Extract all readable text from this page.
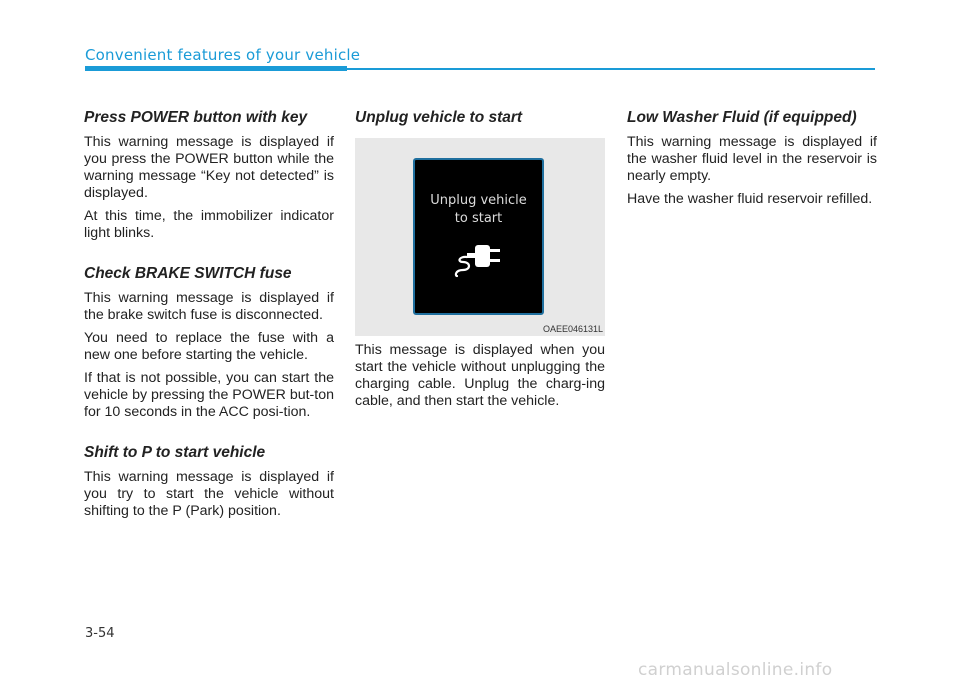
Convenient features of your vehicle
Press POWER button with key

This warning message is displayed if you press the POWER button while the warning message “Key not detected” is displayed.

At this time, the immobilizer indicator light blinks.

Check BRAKE SWITCH fuse

This warning message is displayed if the brake switch fuse is disconnected.

You need to replace the fuse with a new one before starting the vehicle.

If that is not possible, you can start the vehicle by pressing the POWER but-ton for 10 seconds in the ACC posi-tion.

Shift to P to start vehicle

This warning message is displayed if you try to start the vehicle without shifting to the P (Park) position.

Unplug vehicle to start
Unplug vehicle
to start
OAEE046131L

This message is displayed when you start the vehicle without unplugging the charging cable. Unplug the charg-ing cable, and then start the vehicle.

Low Washer Fluid (if equipped)

This warning message is displayed if the washer fluid level in the reservoir is nearly empty.

Have the washer fluid reservoir refilled.

3-54
carmanualsonline.info
